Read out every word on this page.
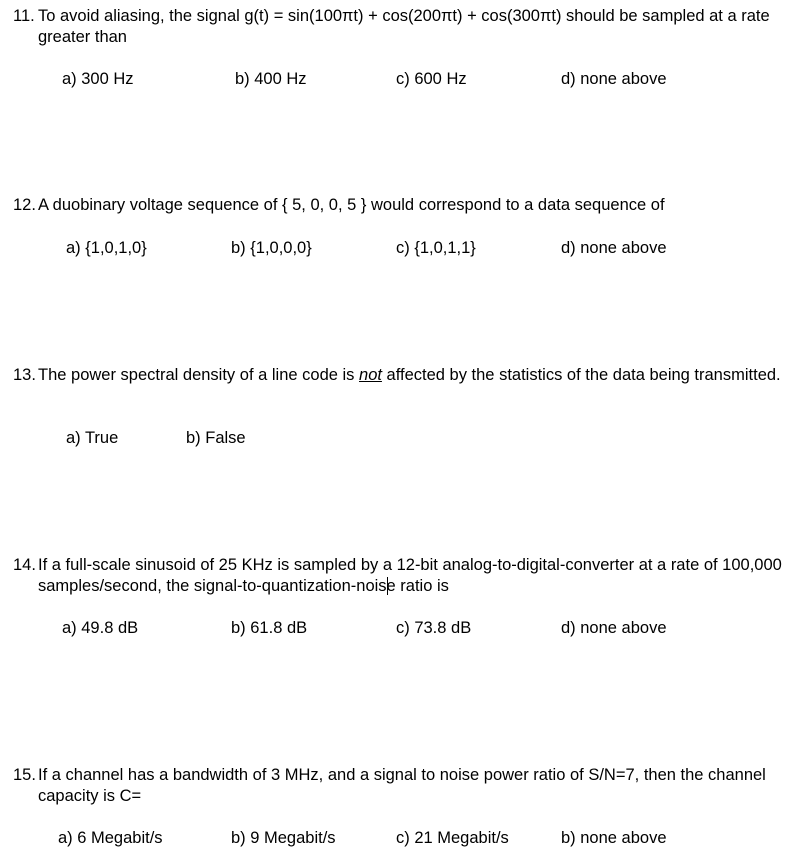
11. To avoid aliasing, the signal g(t) = sin(100πt) + cos(200πt) + cos(300πt) should be sampled at a rate greater than
a) 300 Hz	b) 400 Hz	c) 600 Hz	d) none above
12. A duobinary voltage sequence of { 5, 0, 0, 5 } would correspond to a data sequence of
a) {1,0,1,0}	b) {1,0,0,0}	c) {1,0,1,1}	d) none above
13. The power spectral density of a line code is not affected by the statistics of the data being transmitted.
a) True	b) False
14. If a full-scale sinusoid of 25 KHz is sampled by a 12-bit analog-to-digital-converter at a rate of 100,000 samples/second, the signal-to-quantization-noise ratio is
a) 49.8 dB	b) 61.8 dB	c) 73.8 dB	d) none above
15. If a channel has a bandwidth of 3 MHz, and a signal to noise power ratio of S/N=7, then the channel capacity is C=
a) 6 Megabit/s	b) 9 Megabit/s	c) 21 Megabit/s	b) none above
